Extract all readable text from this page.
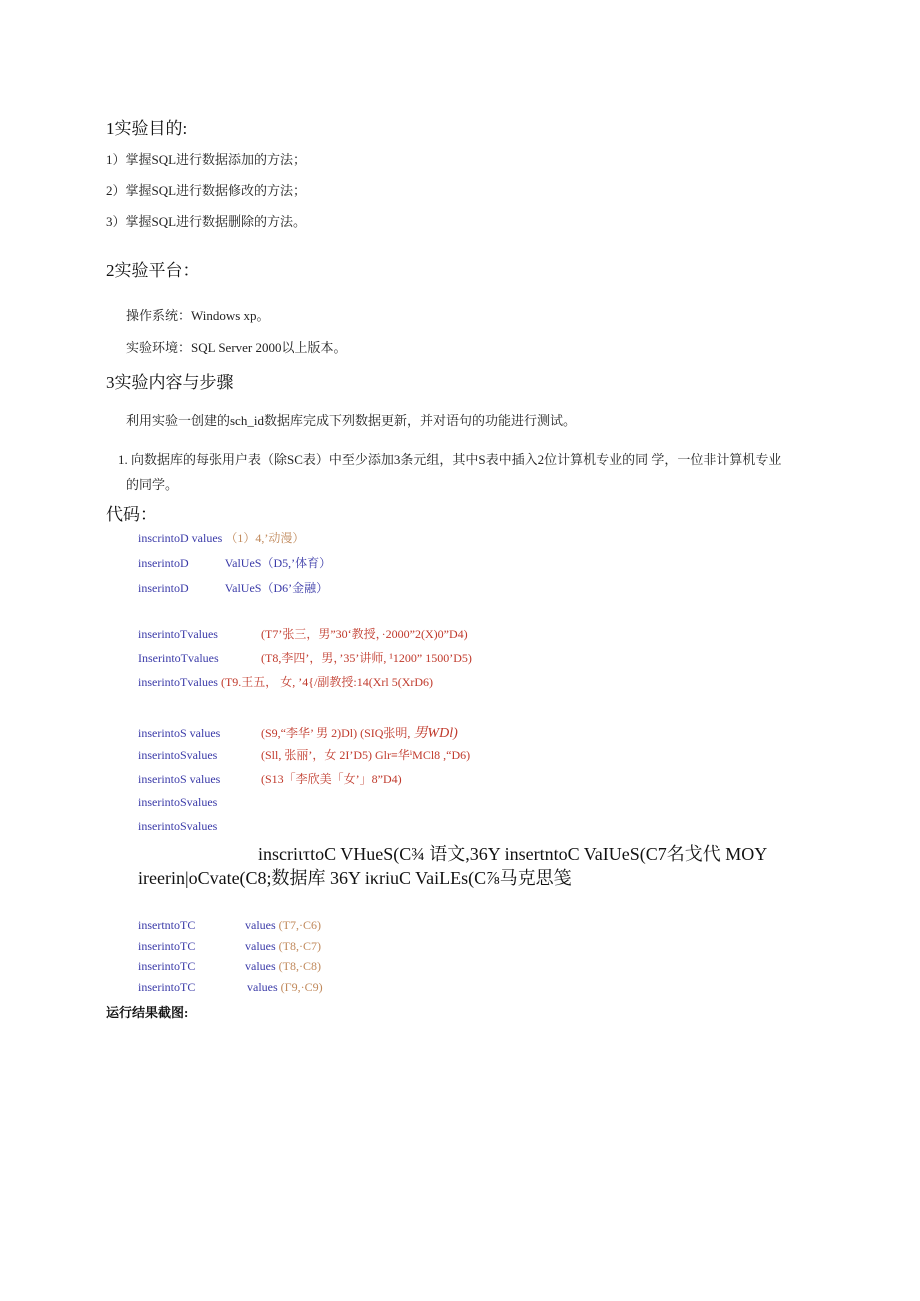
1实验目的:
1）掌握SQL进行数据添加的方法；
2）掌握SQL进行数据修改的方法；
3）掌握SQL进行数据删除的方法。
2实验平台：
操作系统：Windows xp。
实验环境：SQL Server 2000以上版本。
3实验内容与步骤
利用实验一创建的sch_id数据库完成下列数据更新，并对语句的功能进行测试。
1. 向数据库的每张用户表（除SC表）中至少添加3条元组，其中S表中插入2位计算机专业的同 学，一位非计算机专业
的同学。
代码：
inscrintoD values （1）4,’动漫）
inserintoD	ValUeS（D5,’体育）
inserintoD	ValUeS（D6’金融）
inserintoTvalues	(T7’张三，男”30‘教授，·2000”2(X)0”D4)
InserintoTvalues	(T8,李四’，男，’35’讲师, ¹1200” 1500’D5)
inserintoTvalues (T9.王五， 女, ’4{/副教授:14(Xrl 5(XrD6)
inserintoS values	(S9,“李华’ 男 2)Dl) (SIQ张明, 男WDl)
inserintoSvalues	(Sll, 张丽’，女 2I’D5) Glr≡华ⁱMCl8 ,“D6)
inserintoS values	(S13「李欣美「女’」8”D4)
inserintoSvalues
inserintoSvalues
inscriιτtoC VHueS(C¾ 语文,36Y insertntoC VaIUeS(C7名戈代 MOY
ireerin|oCvate(C8;数据库 36Y iκriuC VaiLEs(C⅞马克思笺
insertntoTC	values (T7,·C6)
inserintoTC	values (T8,·C7)
inserintoTC	values (T8,·C8)
inserintoTC	values (Г9,·C9)
运行结果截图:
